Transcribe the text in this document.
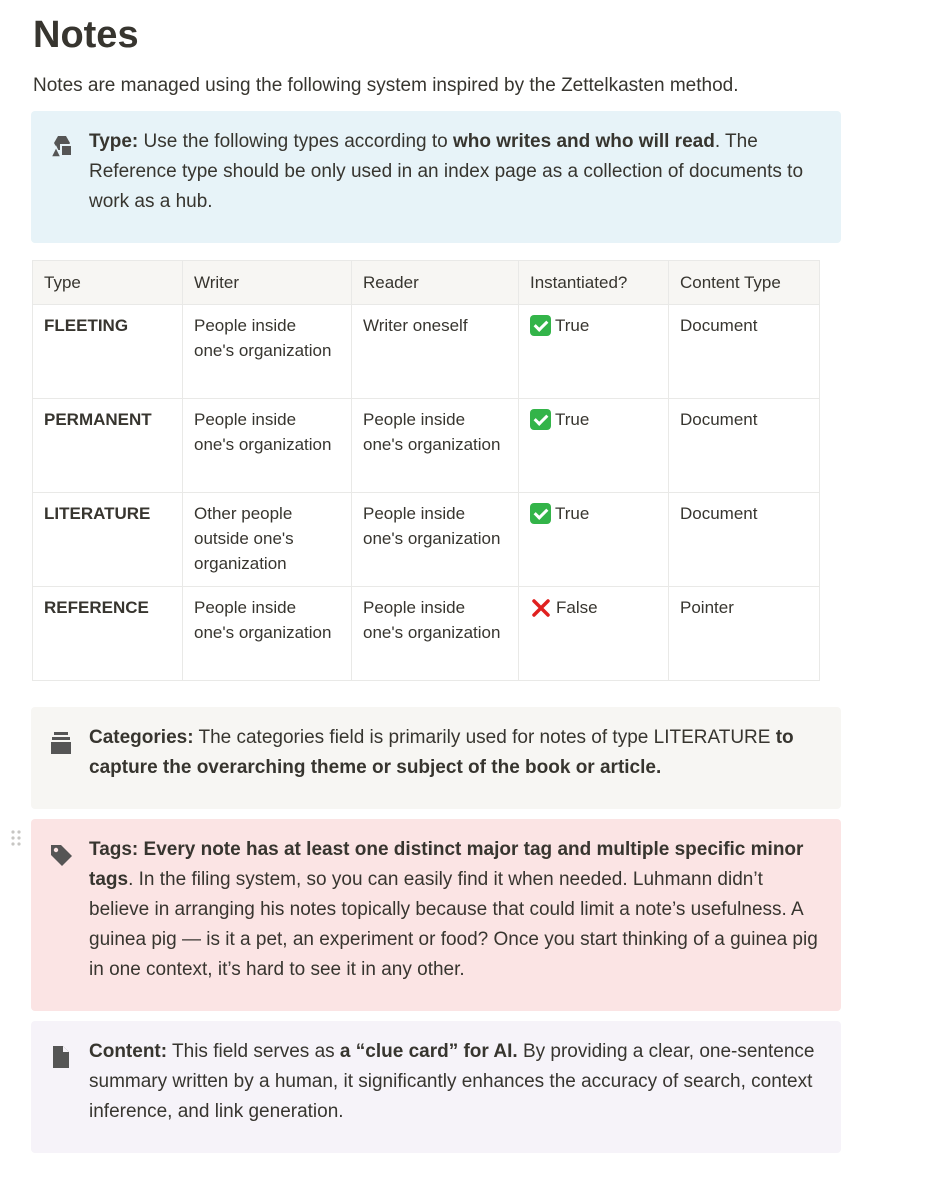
Notes

Notes are managed using the following system inspired by the Zettelkasten method.

Type: Use the following types according to who writes and who will read. The Reference type should be only used in an index page as a collection of documents to work as a hub.
Type	Writer	Reader	Instantiated?	Content Type
FLEETING	People inside one's organization	Writer oneself	True	Document
PERMANENT	People inside one's organization	People inside one's organization	True	Document
LITERATURE	Other people outside one's organization	People inside one's organization	True	Document
REFERENCE	People inside one's organization	People inside one's organization	False	Pointer
Categories: The categories field is primarily used for notes of type LITERATURE to capture the overarching theme or subject of the book or article.
Tags: Every note has at least one distinct major tag and multiple specific minor tags. In the filing system, so you can easily find it when needed. Luhmann didn’t believe in arranging his notes topically because that could limit a note’s usefulness. A guinea pig — is it a pet, an experiment or food? Once you start thinking of a guinea pig in one context, it’s hard to see it in any other.
Content: This field serves as a “clue card” for AI. By providing a clear, one-sentence summary written by a human, it significantly enhances the accuracy of search, context inference, and link generation.
